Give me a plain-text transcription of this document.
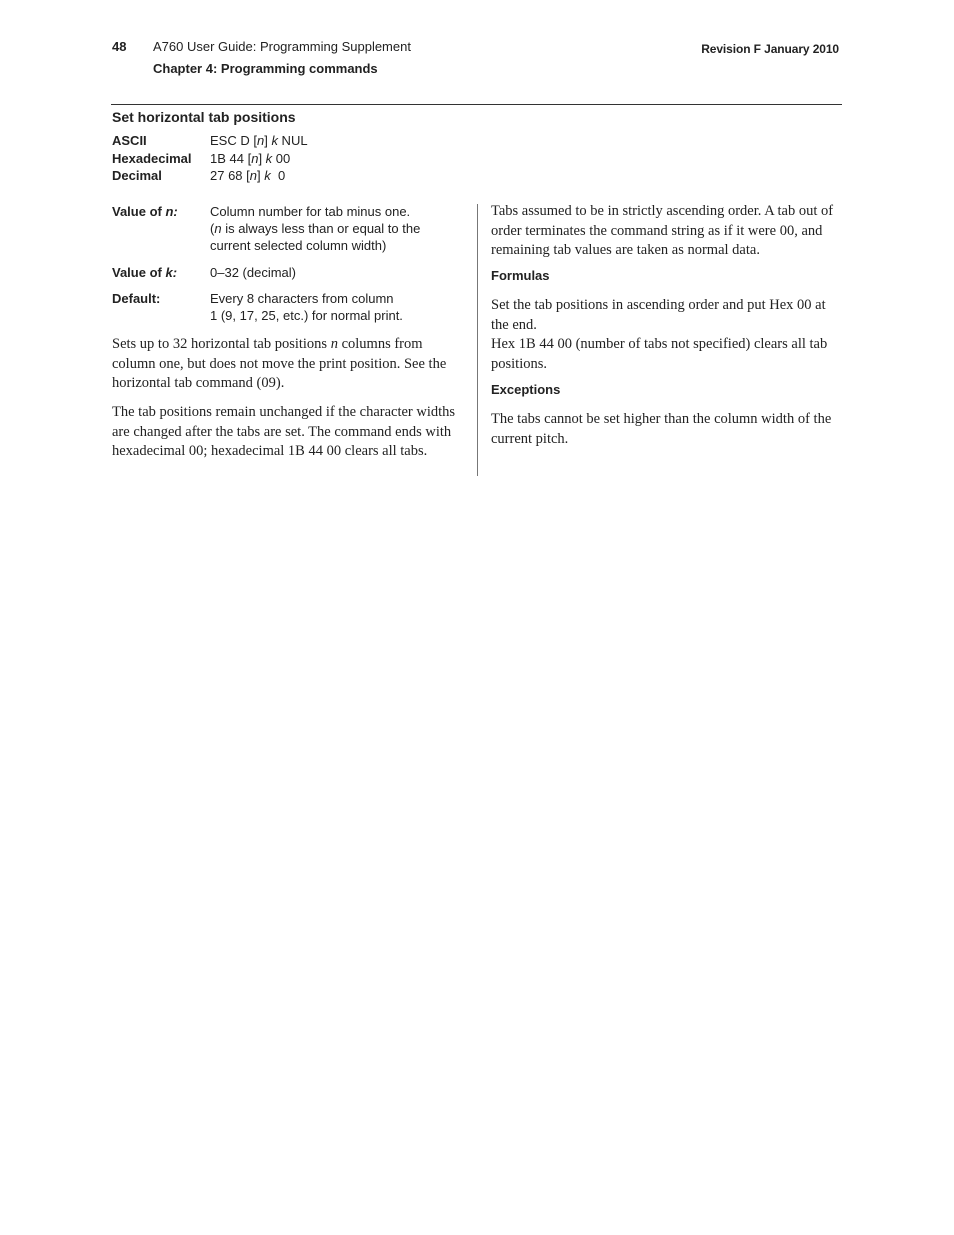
48 A760 User Guide: Programming Supplement
Chapter 4: Programming commands
Revision F January 2010
Set horizontal tab positions
ASCII	ESC D [n] k NUL
Hexadecimal	1B 44 [n] k 00
Decimal	27 68 [n] k  0
Value of n:	Column number for tab minus one.
(n is always less than or equal to the
current selected column width)
Value of k:	0–32 (decimal)
Default:	Every 8 characters from column
1 (9, 17, 25, etc.) for normal print.
Sets up to 32 horizontal tab positions n columns from column one, but does not move the print position. See the horizontal tab command (09).
The tab positions remain unchanged if the character widths are changed after the tabs are set. The command ends with hexadecimal 00; hexadecimal 1B 44 00 clears all tabs.
Tabs assumed to be in strictly ascending order. A tab out of order terminates the command string as if it were 00, and remaining tab values are taken as normal data.
Formulas
Set the tab positions in ascending order and put Hex 00 at the end.
Hex 1B 44 00 (number of tabs not specified) clears all tab positions.
Exceptions
The tabs cannot be set higher than the column width of the current pitch.
